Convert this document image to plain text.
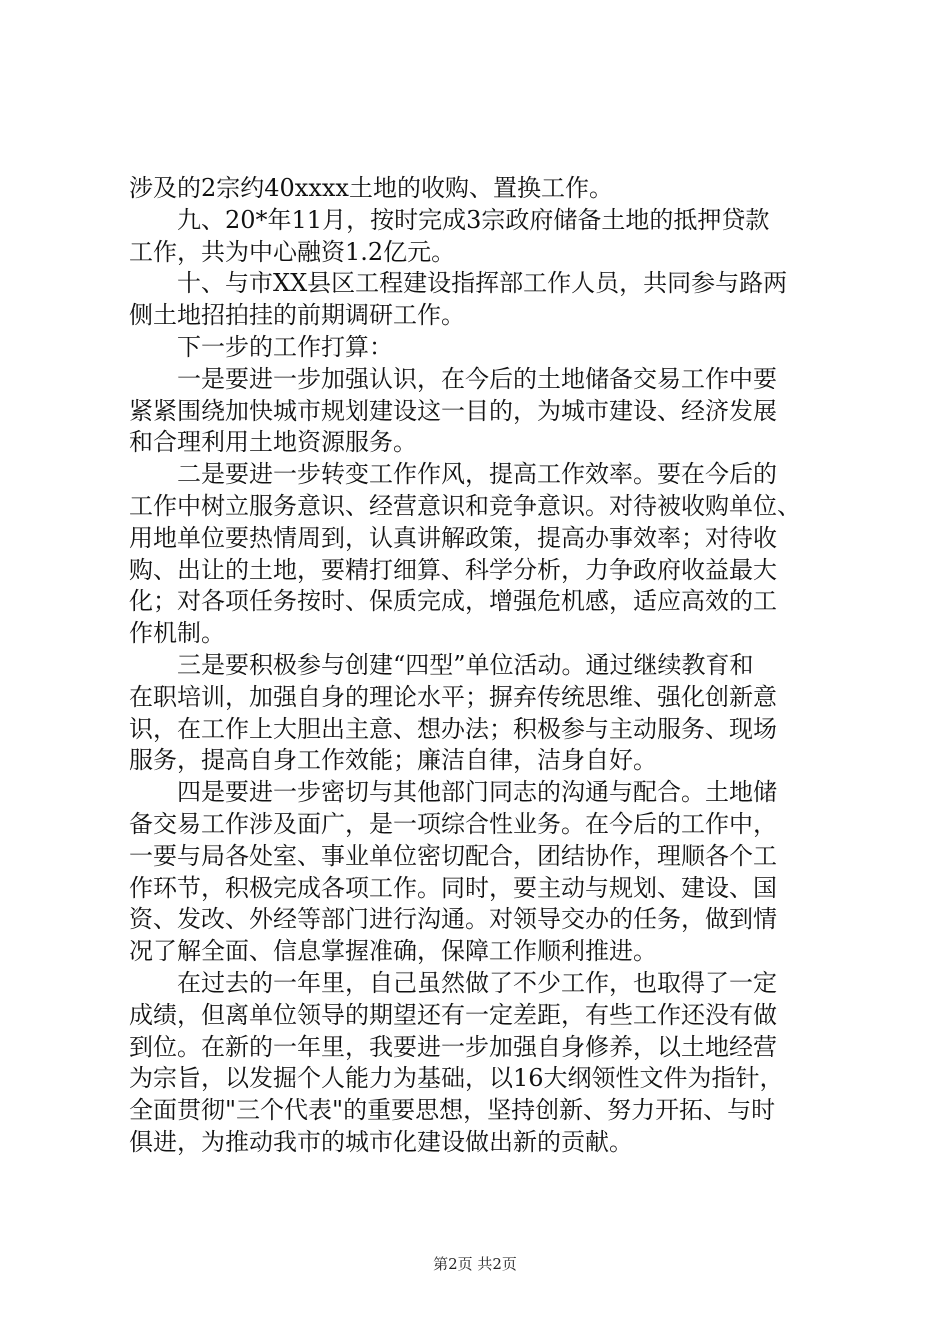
涉及的2宗约40xxxx土地的收购、置换工作。
九、20*年11月，按时完成3宗政府储备土地的抵押贷款
工作，共为中心融资1.2亿元。
十、与市XX县区工程建设指挥部工作人员，共同参与路两
侧土地招拍挂的前期调研工作。
下一步的工作打算：
一是要进一步加强认识，在今后的土地储备交易工作中要
紧紧围绕加快城市规划建设这一目的，为城市建设、经济发展
和合理利用土地资源服务。
二是要进一步转变工作作风，提高工作效率。要在今后的
工作中树立服务意识、经营意识和竞争意识。对待被收购单位、
用地单位要热情周到，认真讲解政策，提高办事效率；对待收
购、出让的土地，要精打细算、科学分析，力争政府收益最大
化；对各项任务按时、保质完成，增强危机感，适应高效的工
作机制。
三是要积极参与创建“四型”单位活动。通过继续教育和
在职培训，加强自身的理论水平；摒弃传统思维、强化创新意
识，在工作上大胆出主意、想办法；积极参与主动服务、现场
服务，提高自身工作效能；廉洁自律，洁身自好。
四是要进一步密切与其他部门同志的沟通与配合。土地储
备交易工作涉及面广，是一项综合性业务。在今后的工作中，
一要与局各处室、事业单位密切配合，团结协作，理顺各个工
作环节，积极完成各项工作。同时，要主动与规划、建设、国
资、发改、外经等部门进行沟通。对领导交办的任务，做到情
况了解全面、信息掌握准确，保障工作顺利推进。
在过去的一年里，自己虽然做了不少工作，也取得了一定
成绩，但离单位领导的期望还有一定差距，有些工作还没有做
到位。在新的一年里，我要进一步加强自身修养，以土地经营
为宗旨，以发掘个人能力为基础，以16大纲领性文件为指针，
全面贯彻"三个代表"的重要思想，坚持创新、努力开拓、与时
俱进，为推动我市的城市化建设做出新的贡献。
第2页 共2页
